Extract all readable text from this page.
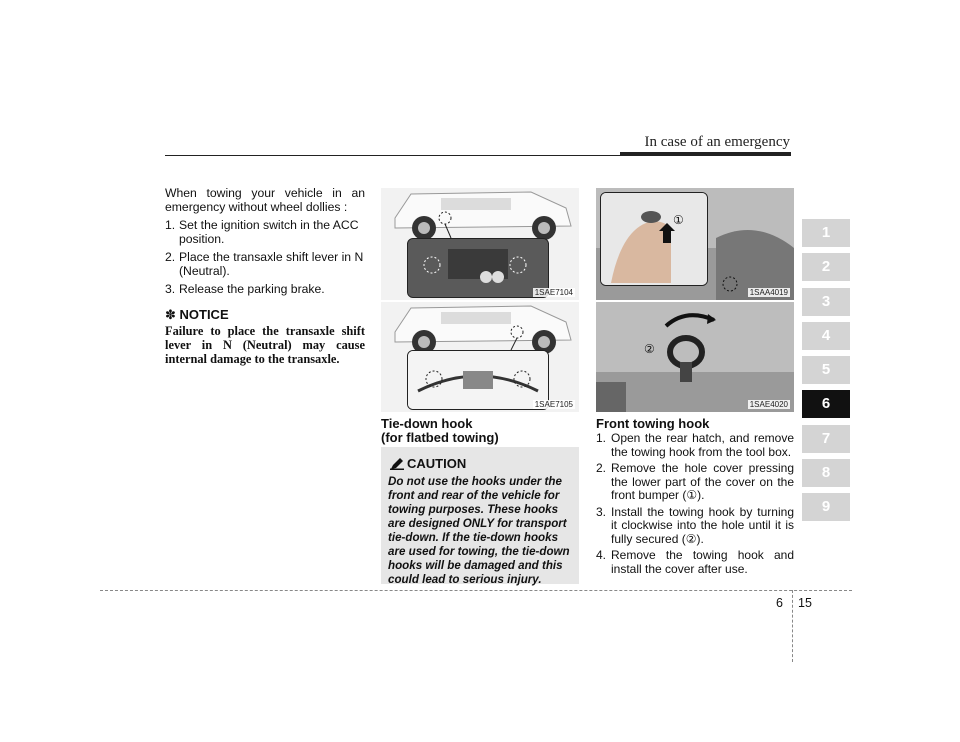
In case of an emergency

When towing your vehicle in an emergency without wheel dollies :

1. Set the ignition switch in the ACC position.
2. Place the transaxle shift lever in N (Neutral).
3. Release the parking brake.
✽ NOTICE
Failure to place the transaxle shift lever in N (Neutral) may cause internal damage to the transaxle.
1SAE7104
1SAE7105
①
1SAA4019
②
1SAE4020
Tie-down hook
(for flatbed towing)
CAUTION
Do not use the hooks under the front and rear of the vehicle for towing purposes. These hooks are designed ONLY for transport tie-down. If the tie-down hooks are used for towing, the tie-down hooks will be damaged and this could lead to serious injury.
Front towing hook
1. Open the rear hatch, and remove the towing hook from the tool box.
2. Remove the hole cover pressing the lower part of the cover on the front bumper (①).
3. Install the towing hook by turning it clockwise into the hole until it is fully secured (②).
4. Remove the towing hook and install the cover after use.
1
2
3
4
5
6
7
8
9
6 15
